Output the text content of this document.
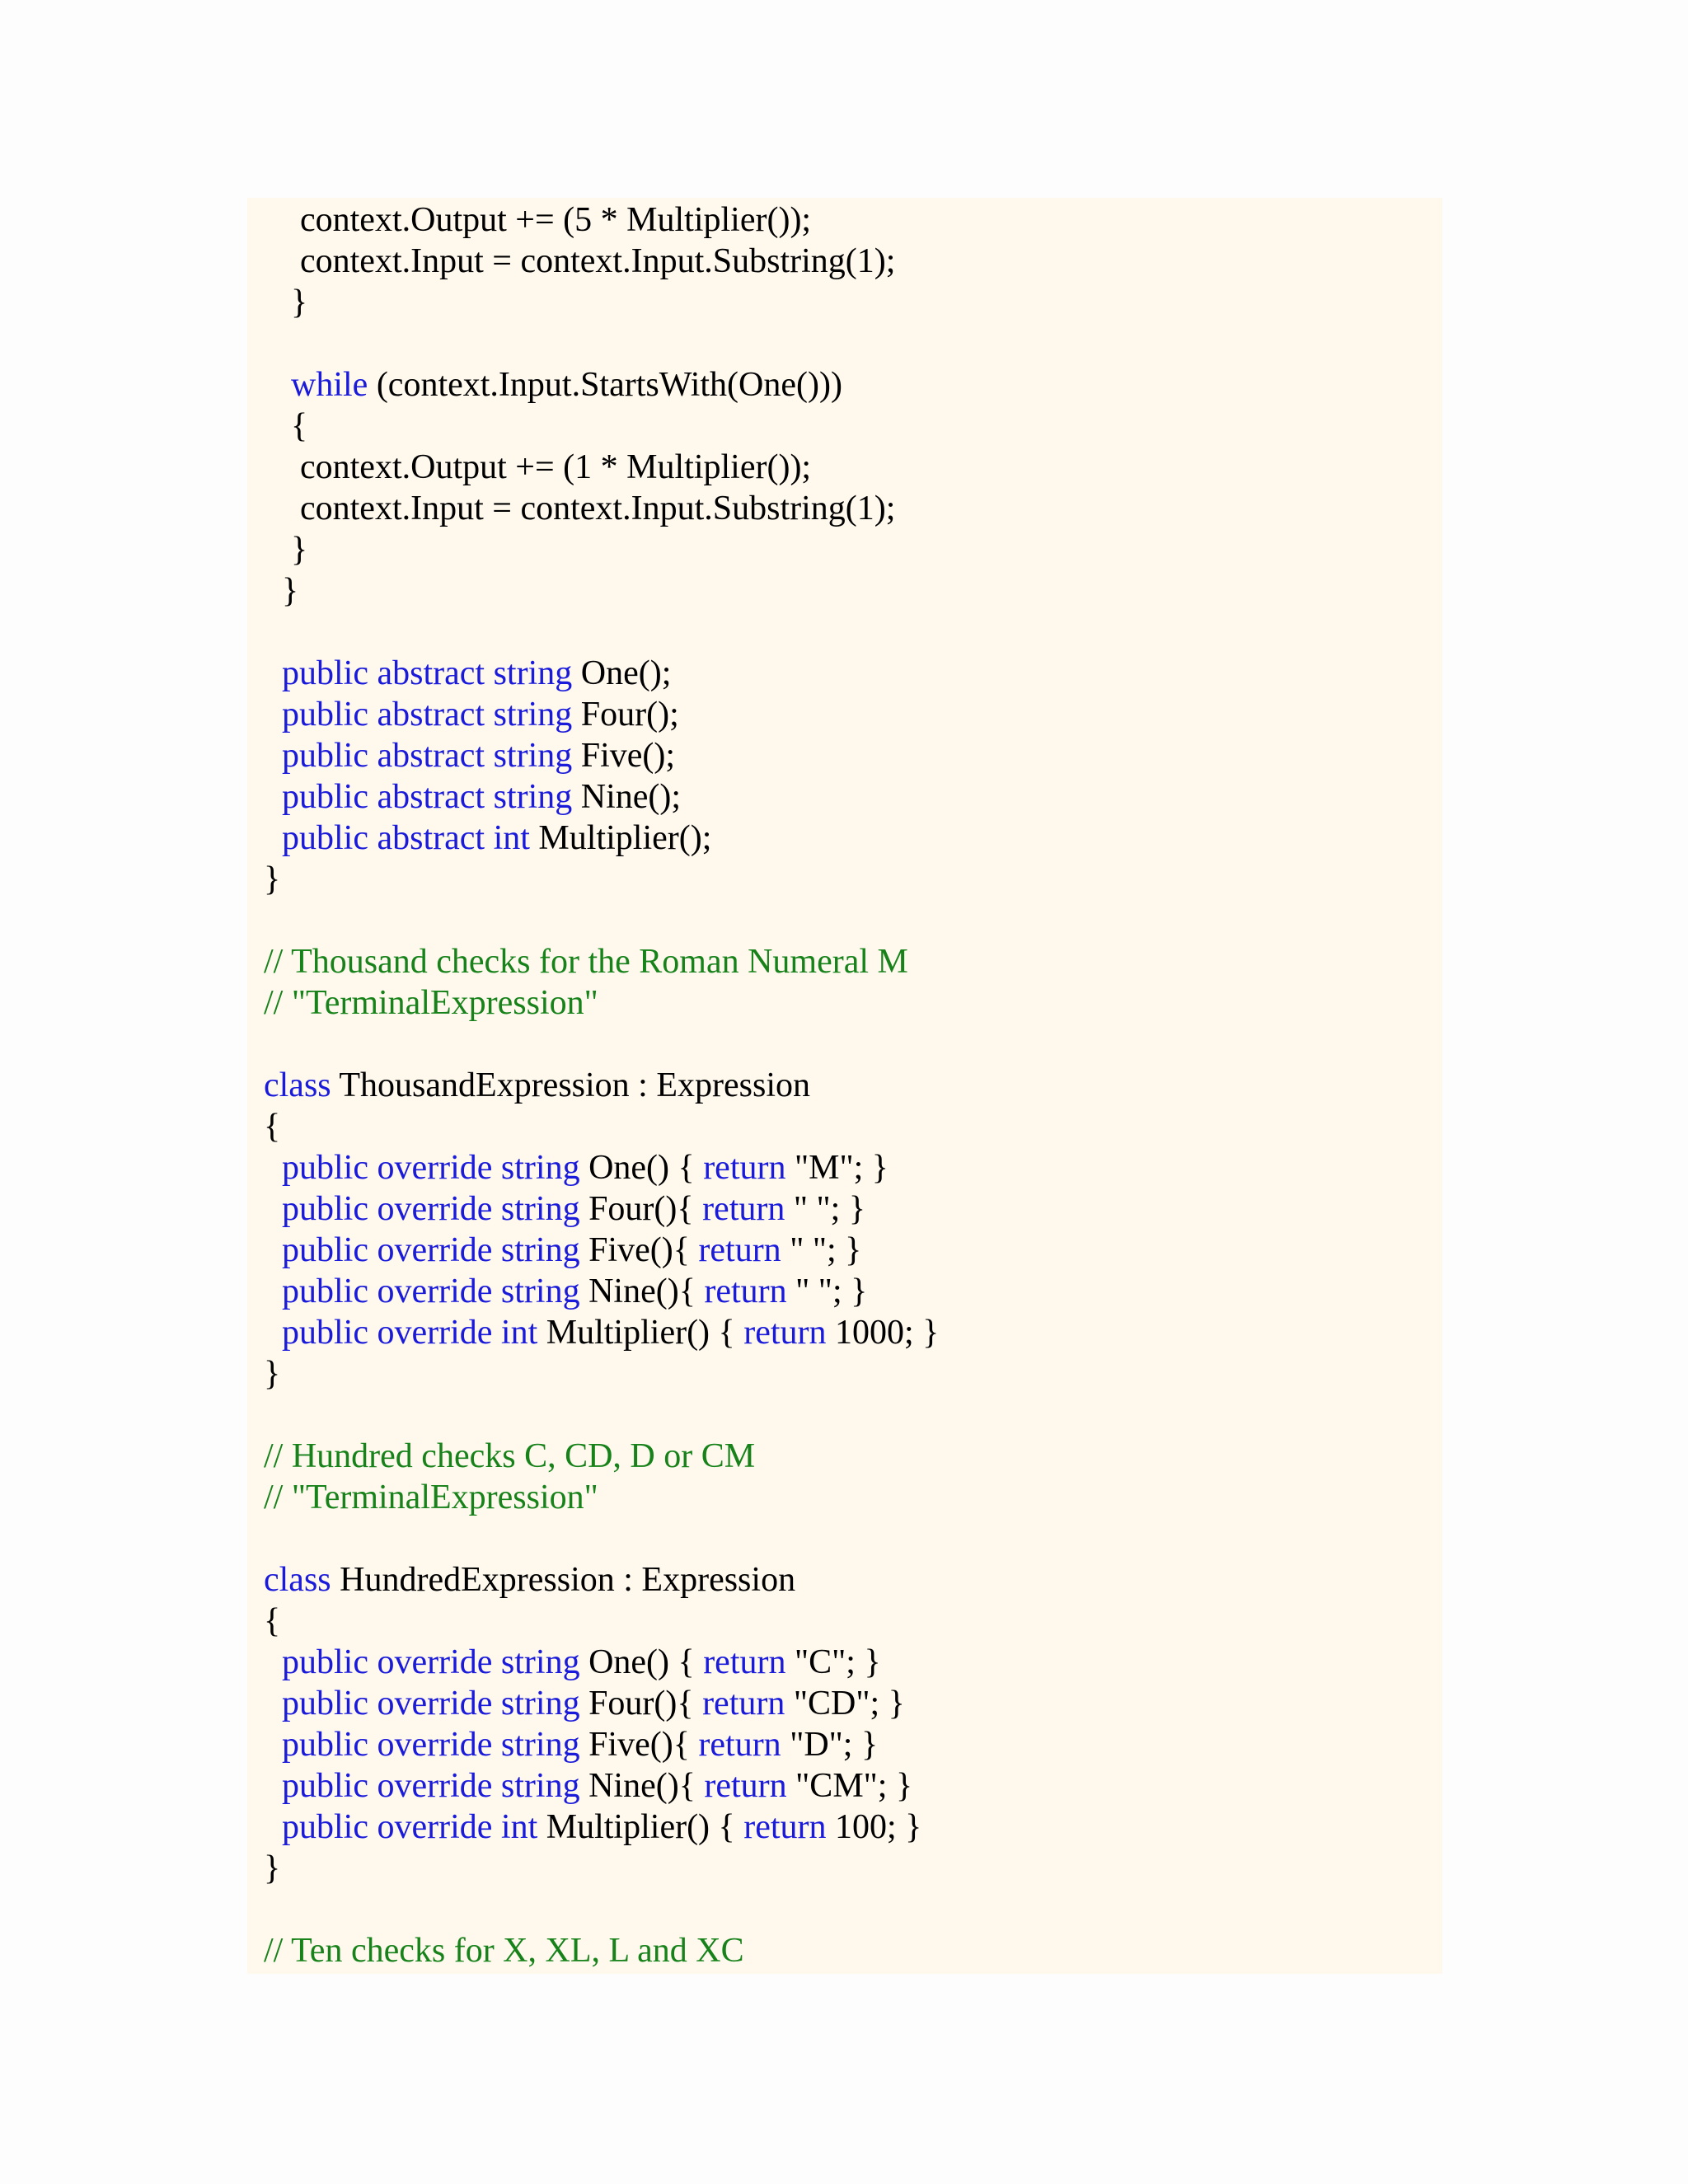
context.Output += (5 * Multiplier());
context.Input = context.Input.Substring(1);
}
while (context.Input.StartsWith(One()))
{
context.Output += (1 * Multiplier());
context.Input = context.Input.Substring(1);
}
}
public abstract string One();
public abstract string Four();
public abstract string Five();
public abstract string Nine();
public abstract int Multiplier();
}
// Thousand checks for the Roman Numeral M
// "TerminalExpression"
class ThousandExpression : Expression
{
public override string One() { return "M"; }
public override string Four(){ return " "; }
public override string Five(){ return " "; }
public override string Nine(){ return " "; }
public override int Multiplier() { return 1000; }
}
// Hundred checks C, CD, D or CM
// "TerminalExpression"
class HundredExpression : Expression
{
public override string One() { return "C"; }
public override string Four(){ return "CD"; }
public override string Five(){ return "D"; }
public override string Nine(){ return "CM"; }
public override int Multiplier() { return 100; }
}
// Ten checks for X, XL, L and XC
